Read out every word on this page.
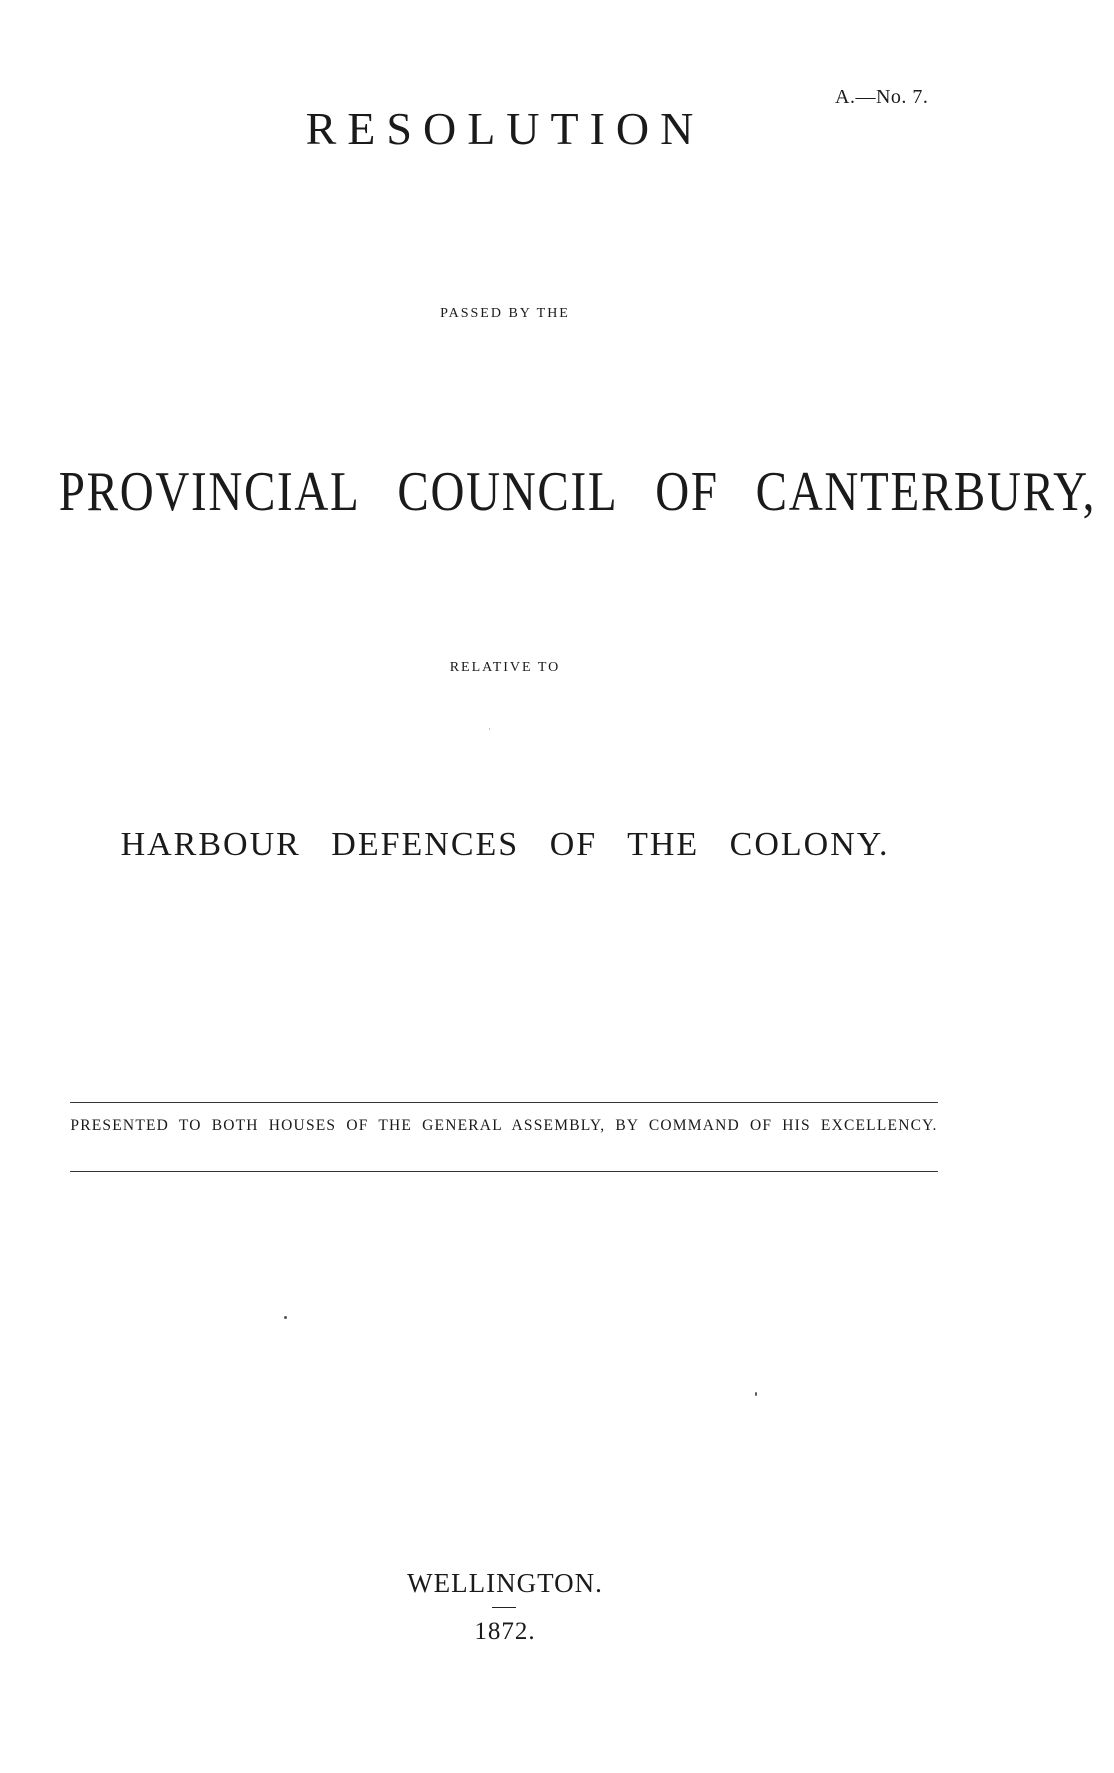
A.—No. 7.
RESOLUTION
PASSED BY THE
PROVINCIAL COUNCIL OF CANTERBURY,
RELATIVE TO
HARBOUR DEFENCES OF THE COLONY.
PRESENTED TO BOTH HOUSES OF THE GENERAL ASSEMBLY, BY COMMAND OF HIS EXCELLENCY.
WELLINGTON.
1872.
